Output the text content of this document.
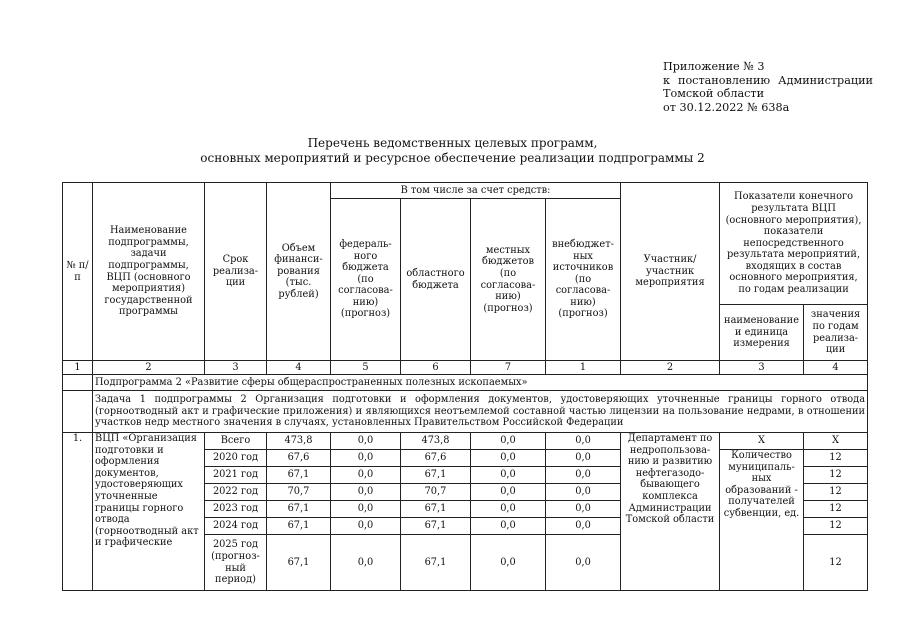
Приложение № 3
к постановлению Администрации
Томской области
от 30.12.2022 № 638а
Перечень ведомственных целевых программ,
основных мероприятий и ресурсное обеспечение реализации подпрограммы 2
№ п/п	Наименование подпрограммы, задачи подпрограммы, ВЦП (основного мероприятия) государственной программы	Срок реализа-ции	Объем финанси-рования (тыс. рублей)	В том числе за счет средств:				Участник/ участник мероприятия	Показатели конечного результата ВЦП (основного мероприятия), показатели непосредственного результата мероприятий, входящих в состав основного мероприятия, по годам реализации	
				федераль-ного бюджета (по согласова-нию) (прогноз)	областного бюджета	местных бюджетов (по согласова-нию) (прогноз)	внебюджет-ных источников (по согласова-нию) (прогноз)			
									наименование и единица измерения	значения по годам реализа-ции
1	2	3	4	5	6	7	1	2	3	4
	Подпрограмма 2 «Развитие сферы общераспространенных полезных ископаемых»									
	Задача 1 подпрограммы 2 Организация подготовки и оформления документов, удостоверяющих уточненные границы горного отвода (горноотводный акт и графические приложения) и являющихся неотъемлемой составной частью лицензии на пользование недрами, в отношении участков недр местного значения в случаях, установленных Правительством Российской Федерации									
1.	ВЦП «Организация подготовки и оформления документов, удостоверяющих уточненные границы горного отвода (горноотводный акт и графические	Всего	473,8	0,0	473,8	0,0	0,0	Департамент по недропользова-нию и развитию нефтегазодо-бывающего комплекса Администрации Томской области	Х	Х
		2020 год	67,6	0,0	67,6	0,0	0,0		Количество муниципаль-ных образований - получателей субвенции, ед.	12
		2021 год	67,1	0,0	67,1	0,0	0,0			12
		2022 год	70,7	0,0	70,7	0,0	0,0			12
		2023 год	67,1	0,0	67,1	0,0	0,0			12
		2024 год	67,1	0,0	67,1	0,0	0,0			12
		2025 год (прогноз-ный период)	67,1	0,0	67,1	0,0	0,0			12
